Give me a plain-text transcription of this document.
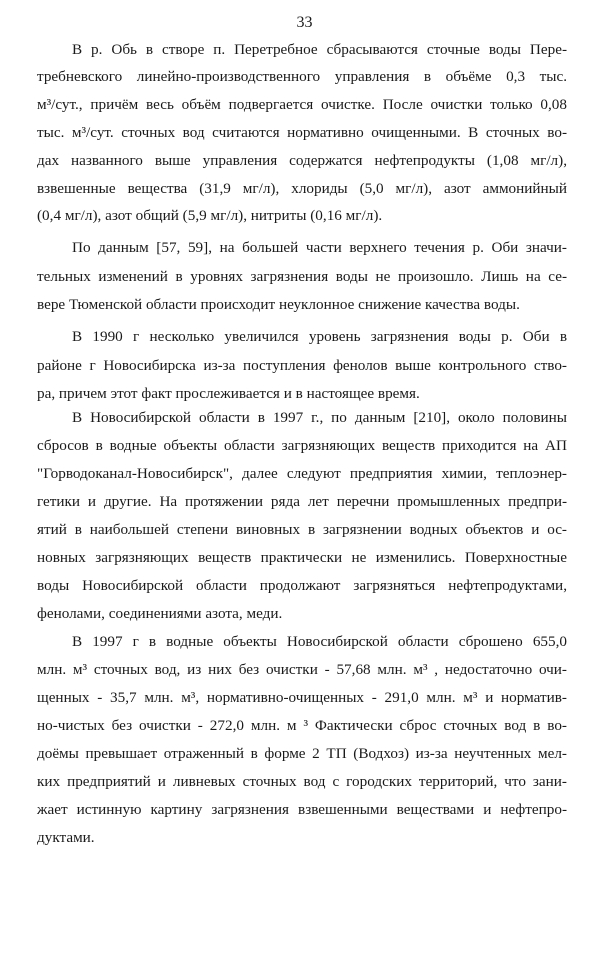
33
В р. Обь в створе п. Перетребное сбрасываются сточные воды Пере-
требневского линейно-производственного управления в объёме 0,3 тыс.
м³/сут., причём весь объём подвергается очистке. После очистки только 0,08
тыс. м³/сут. сточных вод считаются нормативно очищенными. В сточных во-
дах названного выше управления содержатся нефтепродукты (1,08 мг/л),
взвешенные вещества (31,9 мг/л), хлориды (5,0 мг/л), азот аммонийный
(0,4 мг/л), азот общий (5,9 мг/л), нитриты (0,16 мг/л).
По данным [57, 59], на большей части верхнего течения р. Оби значи-
тельных изменений в уровнях загрязнения воды не произошло. Лишь на се-
вере Тюменской области происходит неуклонное снижение качества воды.
В 1990 г несколько увеличился уровень загрязнения воды р. Оби в
районе г Новосибирска из-за поступления фенолов выше контрольного ство-
ра, причем этот факт прослеживается и в настоящее время.
В Новосибирской области в 1997 г., по данным [210], около половины
сбросов в водные объекты области загрязняющих веществ приходится на АП
"Горводоканал-Новосибирск", далее следуют предприятия химии, теплоэнер-
гетики и другие. На протяжении ряда лет перечни промышленных предпри-
ятий в наибольшей степени виновных в загрязнении водных объектов и ос-
новных загрязняющих веществ практически не изменились. Поверхностные
воды Новосибирской области продолжают загрязняться нефтепродуктами,
фенолами, соединениями азота, меди.
В 1997 г в водные объекты Новосибирской области сброшено 655,0
млн. м³ сточных вод, из них без очистки - 57,68 млн. м³ , недостаточно очи-
щенных - 35,7 млн. м³, нормативно-очищенных - 291,0 млн. м³ и норматив-
но-чистых без очистки - 272,0 млн. м ³ Фактически сброс сточных вод в во-
доёмы превышает отраженный в форме 2 ТП (Водхоз) из-за неучтенных мел-
ких предприятий и ливневых сточных вод с городских территорий, что зани-
жает истинную картину загрязнения взвешенными веществами и нефтепро-
дуктами.
